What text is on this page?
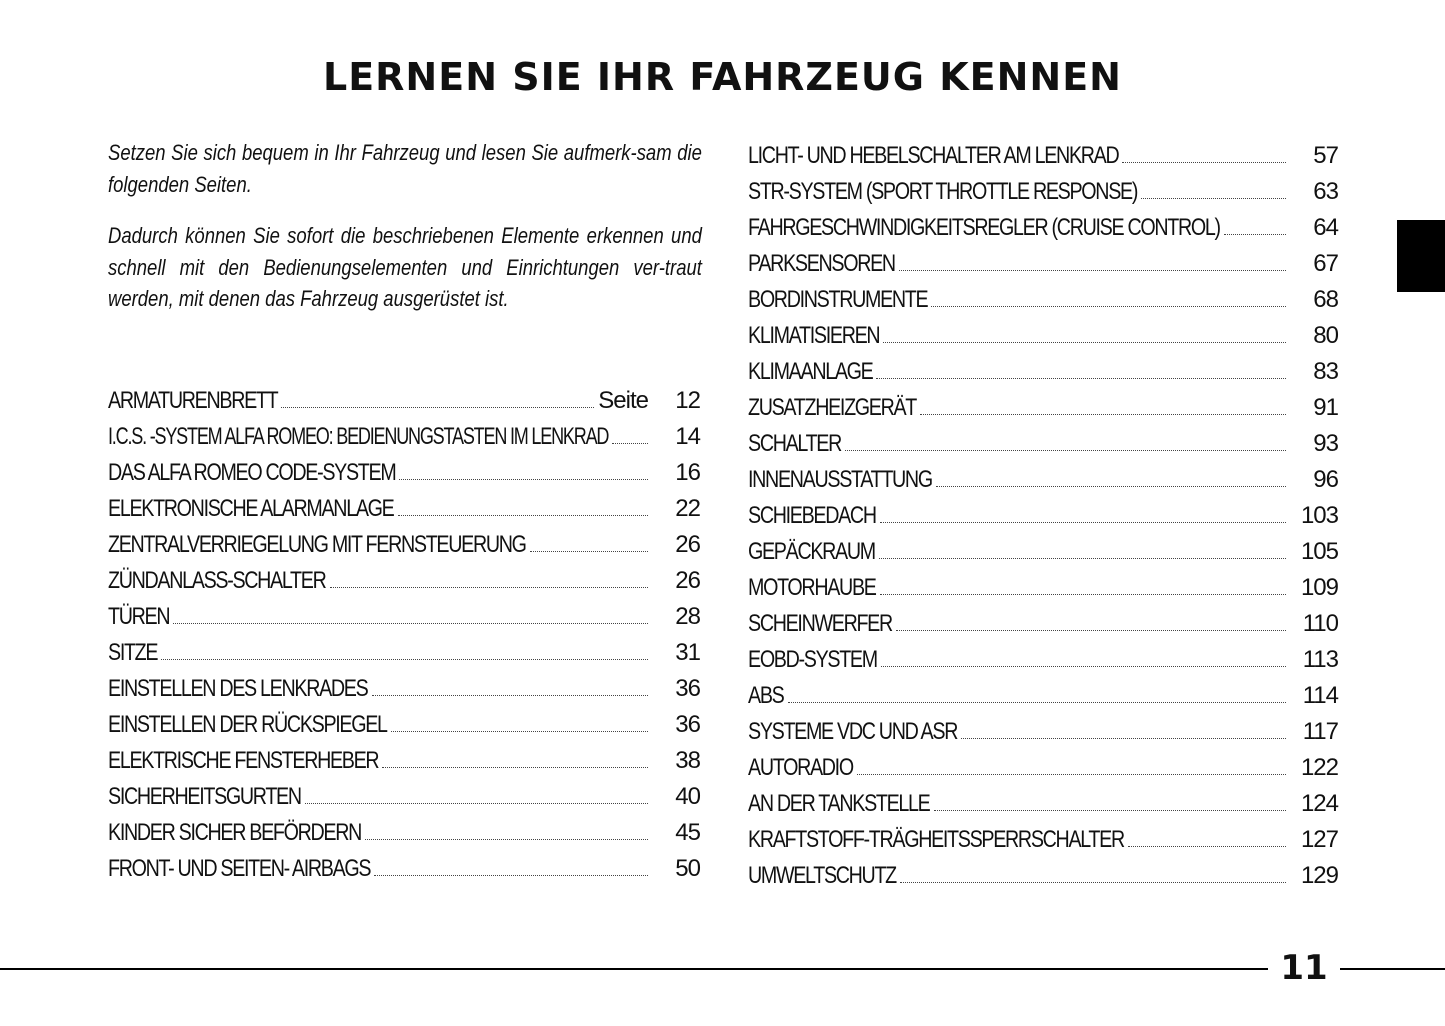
LERNEN SIE IHR FAHRZEUG KENNEN

Setzen Sie sich bequem in Ihr Fahrzeug und lesen Sie aufmerk-sam die folgenden Seiten.

Dadurch können Sie sofort die beschriebenen Elemente erkennen und schnell mit den Bedienungselementen und Einrichtungen ver-traut werden, mit denen das Fahrzeug ausgerüstet ist.

ARMATURENBRETT	Seite	12
I.C.S. -SYSTEM ALFA ROMEO: BEDIENUNGSTASTEN IM LENKRAD	14
DAS ALFA ROMEO CODE-SYSTEM	16
ELEKTRONISCHE ALARMANLAGE	22
ZENTRALVERRIEGELUNG MIT FERNSTEUERUNG	26
ZÜNDANLASS-SCHALTER	26
TÜREN	28
SITZE	31
EINSTELLEN DES LENKRADES	36
EINSTELLEN DER RÜCKSPIEGEL	36
ELEKTRISCHE FENSTERHEBER	38
SICHERHEITSGURTEN	40
KINDER SICHER BEFÖRDERN	45
FRONT- UND SEITEN- AIRBAGS	50
LICHT- UND HEBELSCHALTER AM LENKRAD	57
STR-SYSTEM (SPORT THROTTLE RESPONSE)	63
FAHRGESCHWINDIGKEITSREGLER (CRUISE CONTROL)	64
PARKSENSOREN	67
BORDINSTRUMENTE	68
KLIMATISIEREN	80
KLIMAANLAGE	83
ZUSATZHEIZGERÄT	91
SCHALTER	93
INNENAUSSTATTUNG	96
SCHIEBEDACH	103
GEPÄCKRAUM	105
MOTORHAUBE	109
SCHEINWERFER	110
EOBD-SYSTEM	113
ABS	114
SYSTEME VDC UND ASR	117
AUTORADIO	122
AN DER TANKSTELLE	124
KRAFTSTOFF-TRÄGHEITSSPERRSCHALTER	127
UMWELTSCHUTZ	129
11
